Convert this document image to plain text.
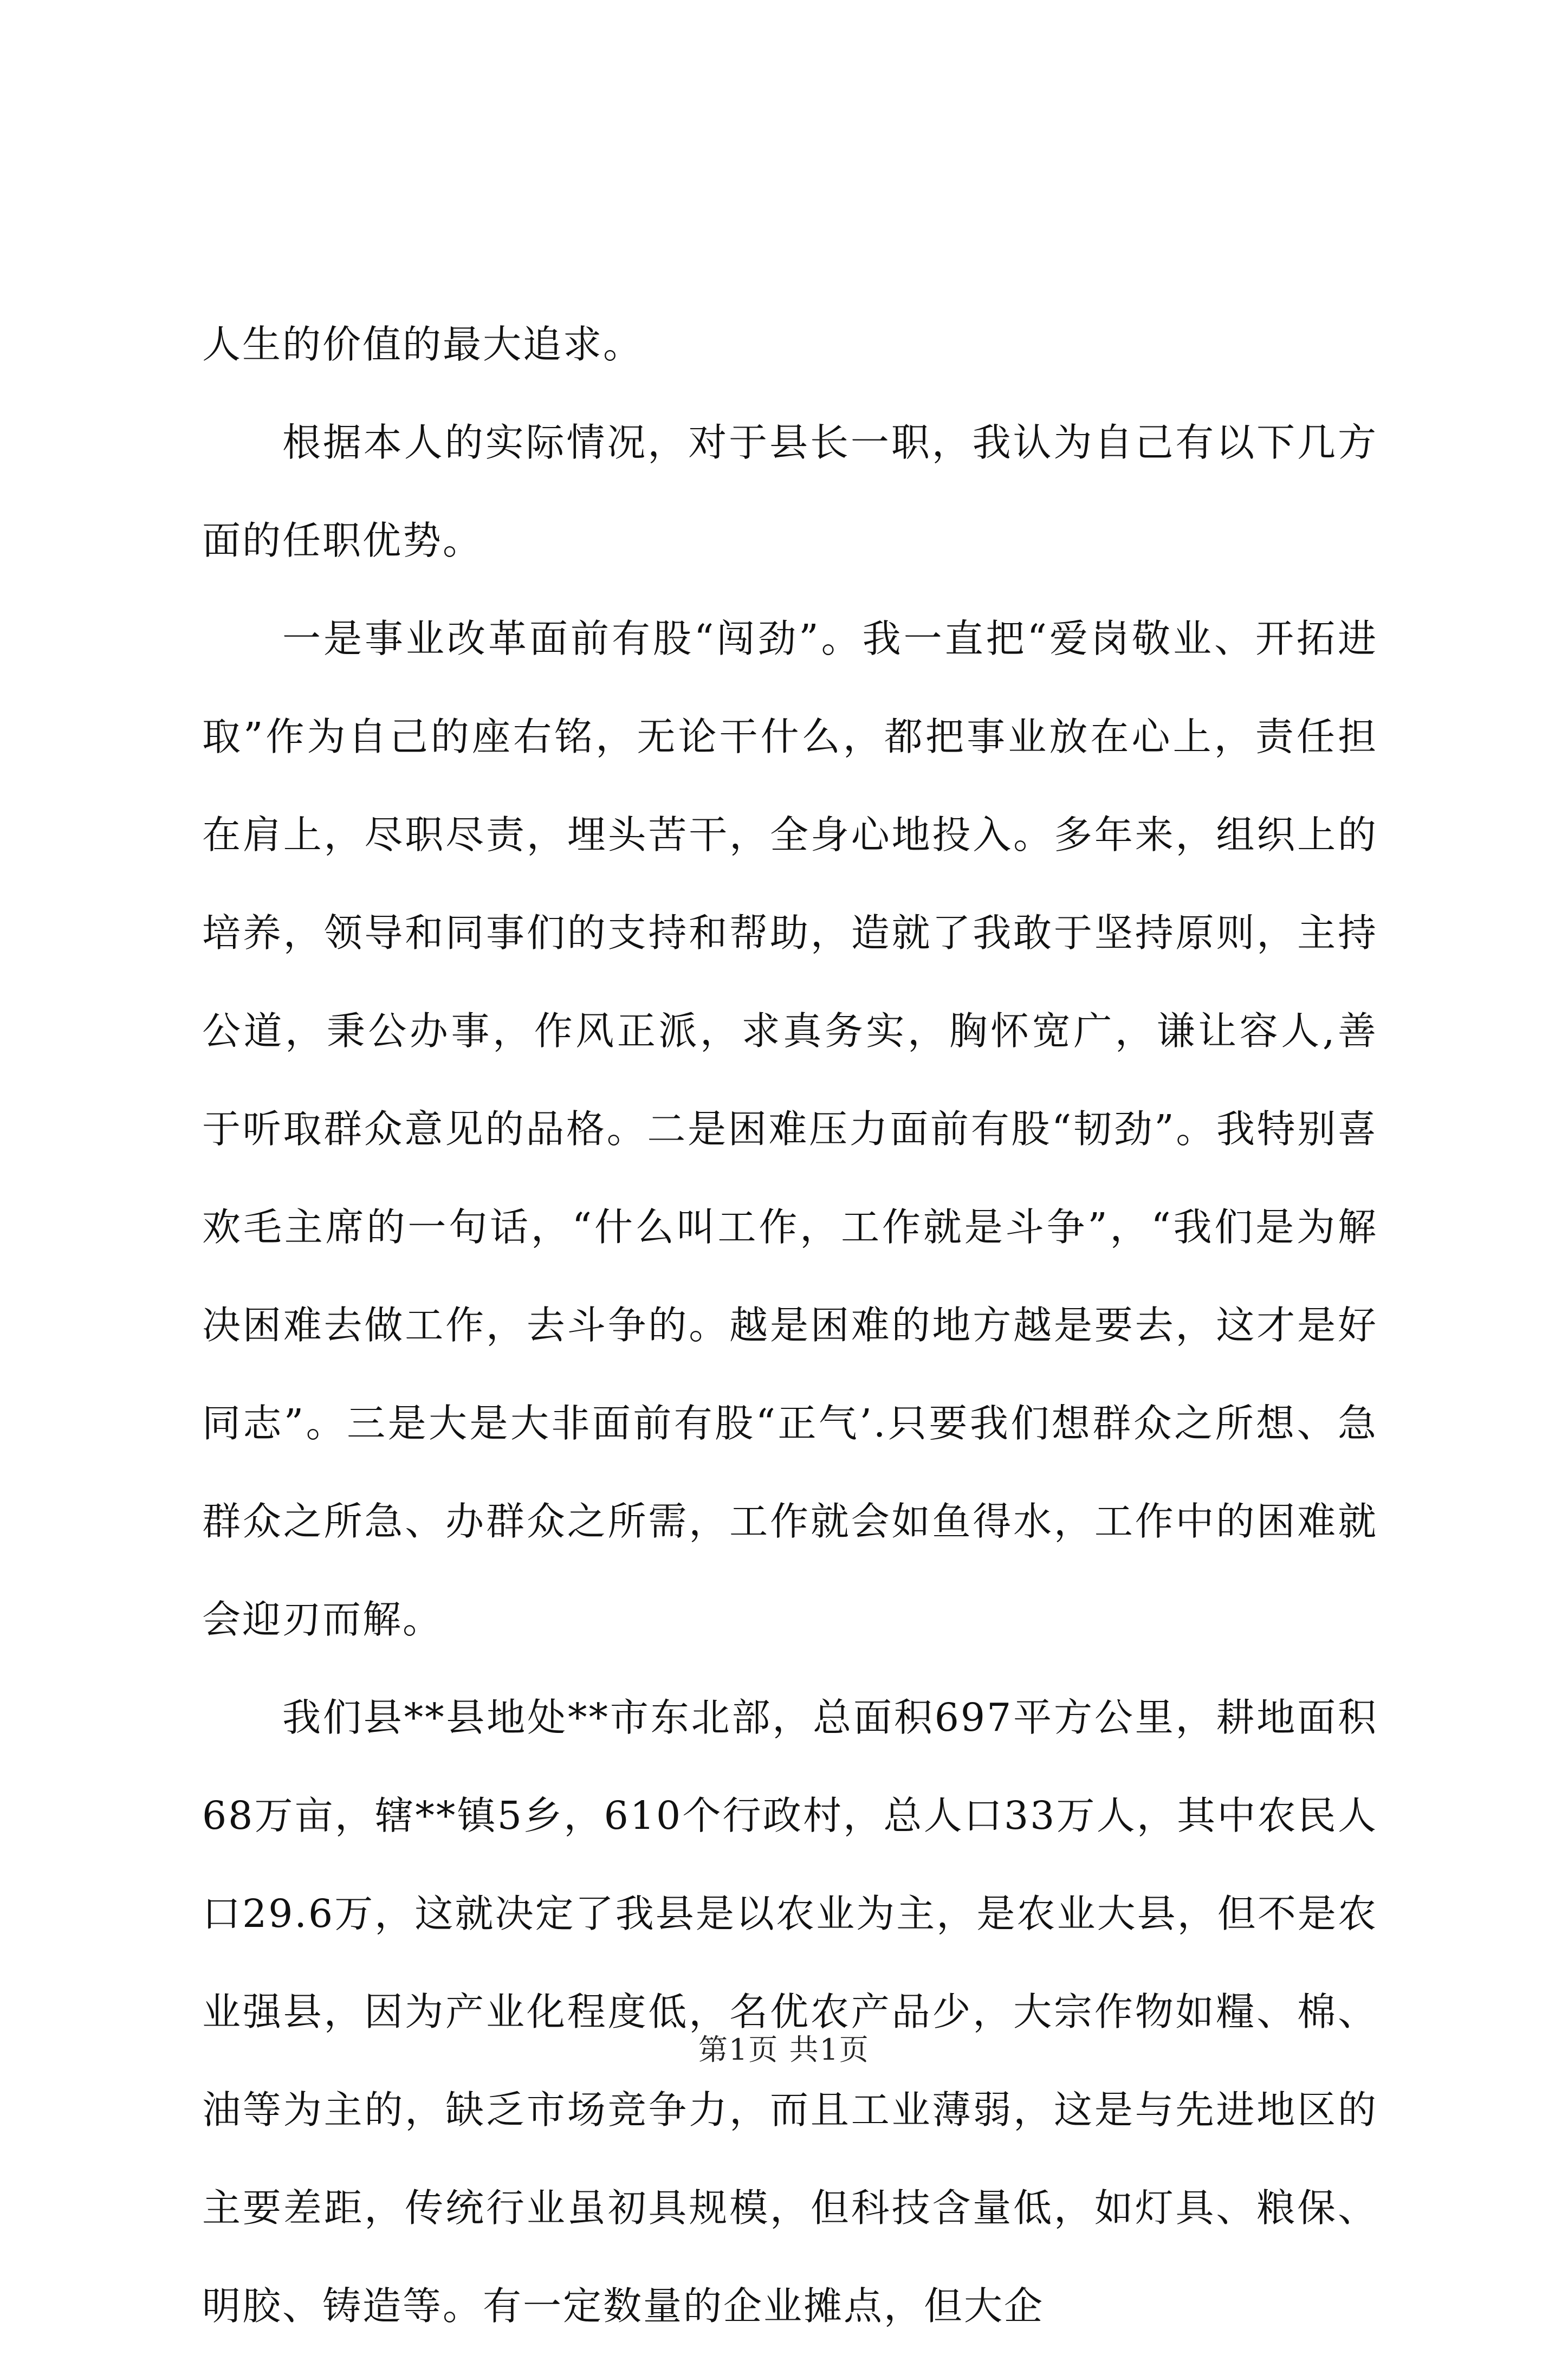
人生的价值的最大追求。

根据本人的实际情况，对于县长一职，我认为自己有以下几方面的任职优势。

一是事业改革面前有股“闯劲”。我一直把“爱岗敬业、开拓进取”作为自己的座右铭，无论干什么，都把事业放在心上，责任担在肩上，尽职尽责，埋头苦干，全身心地投入。多年来，组织上的培养，领导和同事们的支持和帮助，造就了我敢于坚持原则，主持公道，秉公办事，作风正派，求真务实，胸怀宽广，谦让容人,善于听取群众意见的品格。二是困难压力面前有股“韧劲”。我特别喜欢毛主席的一句话，“什么叫工作，工作就是斗争”，“我们是为解决困难去做工作，去斗争的。越是困难的地方越是要去，这才是好同志”。三是大是大非面前有股“正气’.只要我们想群众之所想、急群众之所急、办群众之所需，工作就会如鱼得水，工作中的困难就会迎刃而解。

我们县**县地处**市东北部，总面积697平方公里，耕地面积68万亩，辖**镇5乡，610个行政村，总人口33万人，其中农民人口29.6万，这就决定了我县是以农业为主，是农业大县，但不是农业强县，因为产业化程度低，名优农产品少，大宗作物如糧、棉、油等为主的，缺乏市场竞争力，而且工业薄弱，这是与先进地区的主要差距，传统行业虽初具规模，但科技含量低，如灯具、粮保、明胶、铸造等。有一定数量的企业摊点，但大企

第1页 共1页
